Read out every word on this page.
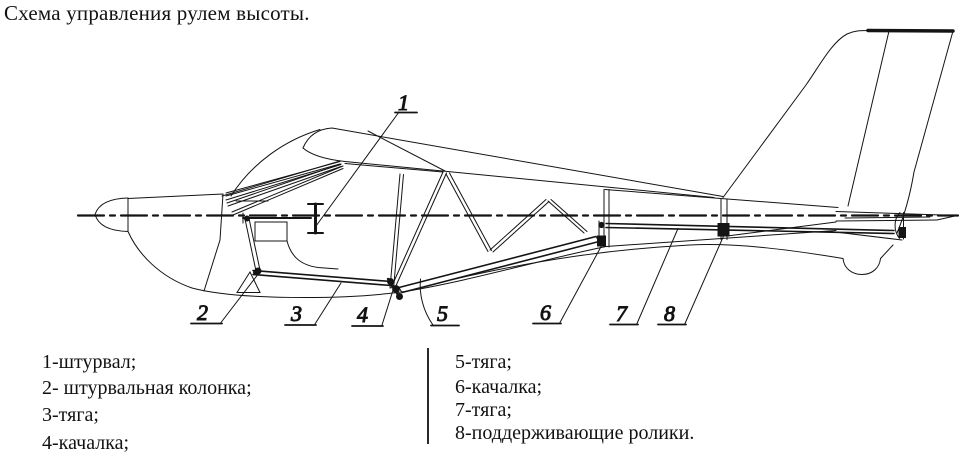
Схема управления рулем высоты.
1
2	3	4	5	6	7 8
1-штурвал;
2- штурвальная колонка;
3-тяга;
4-качалка;
5-тяга;
6-качалка;
7-тяга;
8-поддерживающие ролики.
